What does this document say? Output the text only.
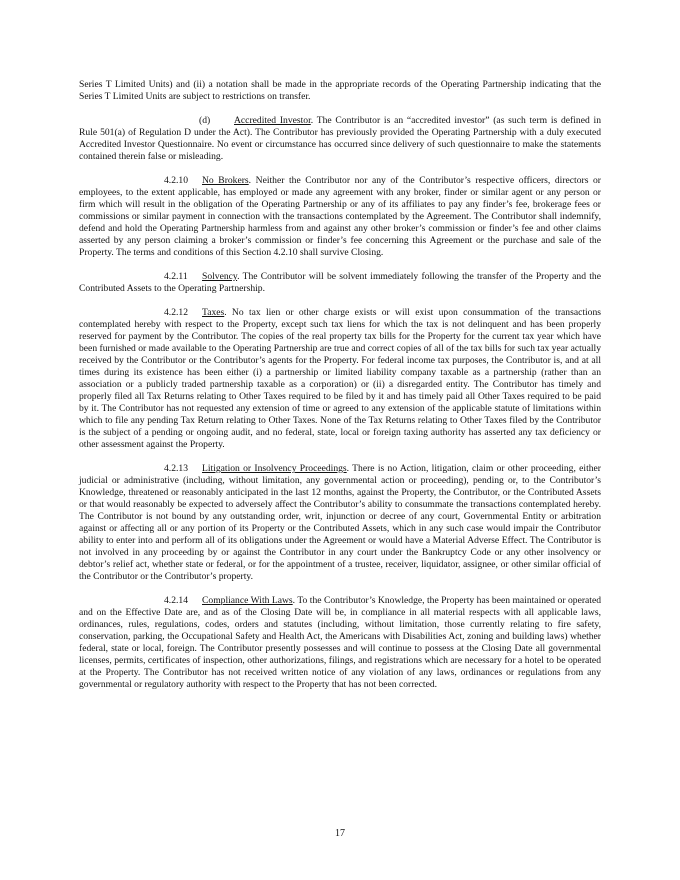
Series T Limited Units) and (ii) a notation shall be made in the appropriate records of the Operating Partnership indicating that the Series T Limited Units are subject to restrictions on transfer.

(d) Accredited Investor. The Contributor is an “accredited investor” (as such term is defined in Rule 501(a) of Regulation D under the Act). The Contributor has previously provided the Operating Partnership with a duly executed Accredited Investor Questionnaire. No event or circumstance has occurred since delivery of such questionnaire to make the statements contained therein false or misleading.

4.2.10 No Brokers. Neither the Contributor nor any of the Contributor’s respective officers, directors or employees, to the extent applicable, has employed or made any agreement with any broker, finder or similar agent or any person or firm which will result in the obligation of the Operating Partnership or any of its affiliates to pay any finder’s fee, brokerage fees or commissions or similar payment in connection with the transactions contemplated by the Agreement. The Contributor shall indemnify, defend and hold the Operating Partnership harmless from and against any other broker’s commission or finder’s fee and other claims asserted by any person claiming a broker’s commission or finder’s fee concerning this Agreement or the purchase and sale of the Property. The terms and conditions of this Section 4.2.10 shall survive Closing.

4.2.11 Solvency. The Contributor will be solvent immediately following the transfer of the Property and the Contributed Assets to the Operating Partnership.

4.2.12 Taxes. No tax lien or other charge exists or will exist upon consummation of the transactions contemplated hereby with respect to the Property, except such tax liens for which the tax is not delinquent and has been properly reserved for payment by the Contributor. The copies of the real property tax bills for the Property for the current tax year which have been furnished or made available to the Operating Partnership are true and correct copies of all of the tax bills for such tax year actually received by the Contributor or the Contributor’s agents for the Property. For federal income tax purposes, the Contributor is, and at all times during its existence has been either (i) a partnership or limited liability company taxable as a partnership (rather than an association or a publicly traded partnership taxable as a corporation) or (ii) a disregarded entity. The Contributor has timely and properly filed all Tax Returns relating to Other Taxes required to be filed by it and has timely paid all Other Taxes required to be paid by it. The Contributor has not requested any extension of time or agreed to any extension of the applicable statute of limitations within which to file any pending Tax Return relating to Other Taxes. None of the Tax Returns relating to Other Taxes filed by the Contributor is the subject of a pending or ongoing audit, and no federal, state, local or foreign taxing authority has asserted any tax deficiency or other assessment against the Property.

4.2.13 Litigation or Insolvency Proceedings. There is no Action, litigation, claim or other proceeding, either judicial or administrative (including, without limitation, any governmental action or proceeding), pending or, to the Contributor’s Knowledge, threatened or reasonably anticipated in the last 12 months, against the Property, the Contributor, or the Contributed Assets or that would reasonably be expected to adversely affect the Contributor’s ability to consummate the transactions contemplated hereby. The Contributor is not bound by any outstanding order, writ, injunction or decree of any court, Governmental Entity or arbitration against or affecting all or any portion of its Property or the Contributed Assets, which in any such case would impair the Contributor ability to enter into and perform all of its obligations under the Agreement or would have a Material Adverse Effect. The Contributor is not involved in any proceeding by or against the Contributor in any court under the Bankruptcy Code or any other insolvency or debtor’s relief act, whether state or federal, or for the appointment of a trustee, receiver, liquidator, assignee, or other similar official of the Contributor or the Contributor’s property.

4.2.14 Compliance With Laws. To the Contributor’s Knowledge, the Property has been maintained or operated and on the Effective Date are, and as of the Closing Date will be, in compliance in all material respects with all applicable laws, ordinances, rules, regulations, codes, orders and statutes (including, without limitation, those currently relating to fire safety, conservation, parking, the Occupational Safety and Health Act, the Americans with Disabilities Act, zoning and building laws) whether federal, state or local, foreign. The Contributor presently possesses and will continue to possess at the Closing Date all governmental licenses, permits, certificates of inspection, other authorizations, filings, and registrations which are necessary for a hotel to be operated at the Property. The Contributor has not received written notice of any violation of any laws, ordinances or regulations from any governmental or regulatory authority with respect to the Property that has not been corrected.

17
